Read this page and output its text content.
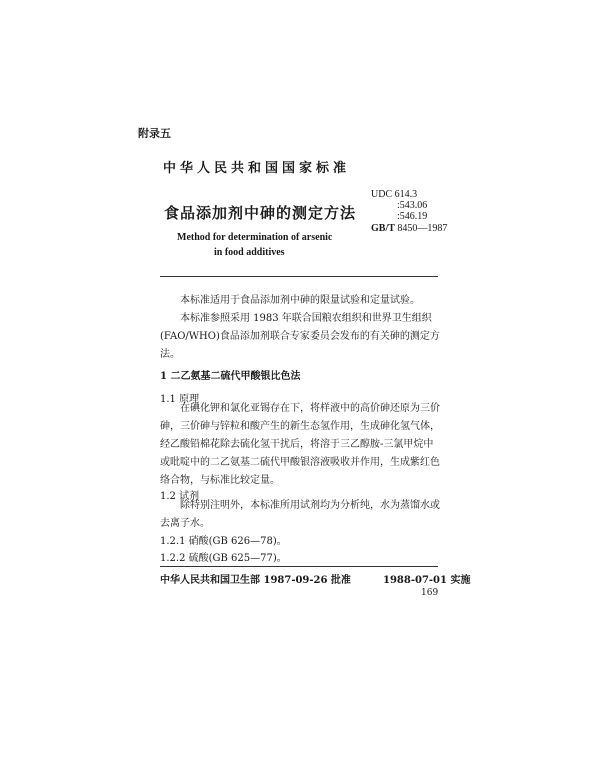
附录五
中华人民共和国国家标准
食品添加剂中砷的测定方法
Method for determination of arsenic
in food additives
UDC 614.3
:543.06
:546.19
GB/T 8450—1987

本标准适用于食品添加剂中砷的限量试验和定量试验。

本标准参照采用 1983 年联合国粮农组织和世界卫生组织(FAO/WHO)食品添加剂联合专家委员会发布的有关砷的测定方法。

1 二乙氨基二硫代甲酸银比色法
1.1 原理

在碘化钾和氯化亚锡存在下，将样液中的高价砷还原为三价砷，三价砷与锌粒和酸产生的新生态氢作用，生成砷化氢气体，经乙酸铅棉花除去硫化氢干扰后，将溶于三乙醇胺-三氯甲烷中或吡啶中的二乙氨基二硫代甲酸银溶液吸收并作用，生成紫红色络合物，与标准比较定量。

1.2 试剂

除特别注明外，本标准所用试剂均为分析纯，水为蒸馏水或去离子水。

1.2.1 硝酸(GB 626—78)。
1.2.2 硫酸(GB 625—77)。
中华人民共和国卫生部 1987-09-26 批准	1988-07-01 实施
169
